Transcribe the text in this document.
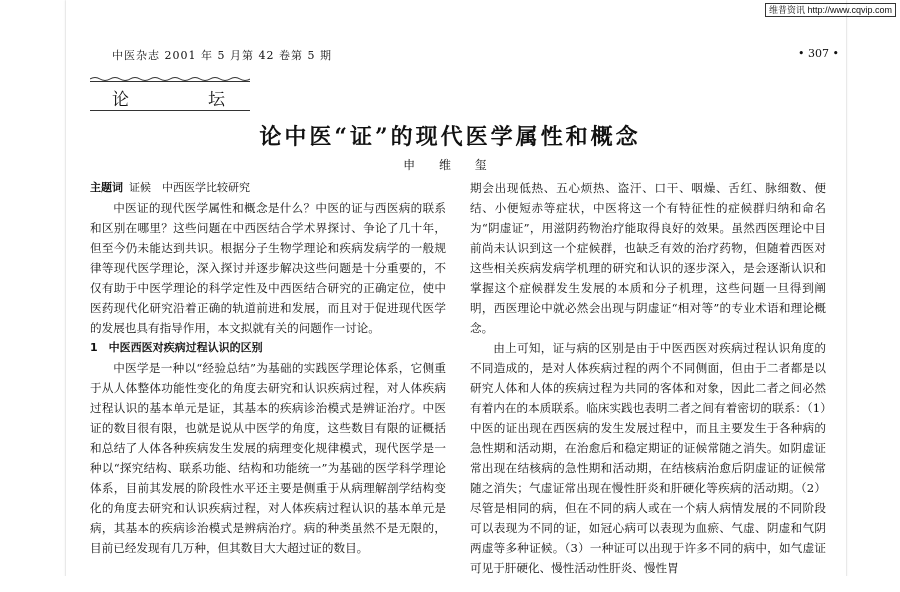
维普资讯 http://www.cqvip.com
中医杂志 2001 年 5 月第 42 卷第 5 期	• 307 •
论	坛
论中医“证”的现代医学属性和概念
申 维 玺

主题词 证候　中西医学比较研究

中医证的现代医学属性和概念是什么？中医的证与西医病的联系和区别在哪里？这些问题在中西医结合学术界探讨、争论了几十年，但至今仍未能达到共识。根据分子生物学理论和疾病发病学的一般规律等现代医学理论，深入探讨并逐步解决这些问题是十分重要的，不仅有助于中医学理论的科学定性及中西医结合研究的正确定位，使中医药现代化研究沿着正确的轨道前进和发展，而且对于促进现代医学的发展也具有指导作用，本文拟就有关的问题作一讨论。

1　中医西医对疾病过程认识的区别

中医学是一种以“经验总结”为基础的实践医学理论体系，它侧重于从人体整体功能性变化的角度去研究和认识疾病过程，对人体疾病过程认识的基本单元是证，其基本的疾病诊治模式是辨证治疗。中医证的数目很有限，也就是说从中医学的角度，这些数目有限的证概括和总结了人体各种疾病发生发展的病理变化规律模式，现代医学是一种以“探究结构、联系功能、结构和功能统一”为基础的医学科学理论体系，目前其发展的阶段性水平还主要是侧重于从病理解剖学结构变化的角度去研究和认识疾病过程，对人体疾病过程认识的基本单元是病，其基本的疾病诊治模式是辨病治疗。病的种类虽然不是无限的，目前已经发现有几万种，但其数目大大超过证的数目。

期会出现低热、五心烦热、盗汗、口干、咽燥、舌红、脉细数、便结、小便短赤等症状，中医将这一个有特征性的症候群归纳和命名为“阴虚证”，用滋阴药物治疗能取得良好的效果。虽然西医理论中目前尚未认识到这一个症候群，也缺乏有效的治疗药物，但随着西医对这些相关疾病发病学机理的研究和认识的逐步深入，是会逐渐认识和掌握这个症候群发生发展的本质和分子机理，这些问题一旦得到阐明，西医理论中就必然会出现与阴虚证“相对等”的专业术语和理论概念。

由上可知，证与病的区别是由于中医西医对疾病过程认识角度的不同造成的，是对人体疾病过程的两个不同侧面，但由于二者都是以研究人体和人体的疾病过程为共同的客体和对象，因此二者之间必然有着内在的本质联系。临床实践也表明二者之间有着密切的联系：（1）中医的证出现在西医病的发生发展过程中，而且主要发生于各种病的急性期和活动期，在治愈后和稳定期证的证候常随之消失。如阴虚证常出现在结核病的急性期和活动期，在结核病治愈后阴虚证的证候常随之消失；气虚证常出现在慢性肝炎和肝硬化等疾病的活动期。（2）尽管是相同的病，但在不同的病人或在一个病人病情发展的不同阶段可以表现为不同的证，如冠心病可以表现为血瘀、气虚、阴虚和气阴两虚等多种证候。（3）一种证可以出现于许多不同的病中，如气虚证可见于肝硬化、慢性活动性肝炎、慢性胃
